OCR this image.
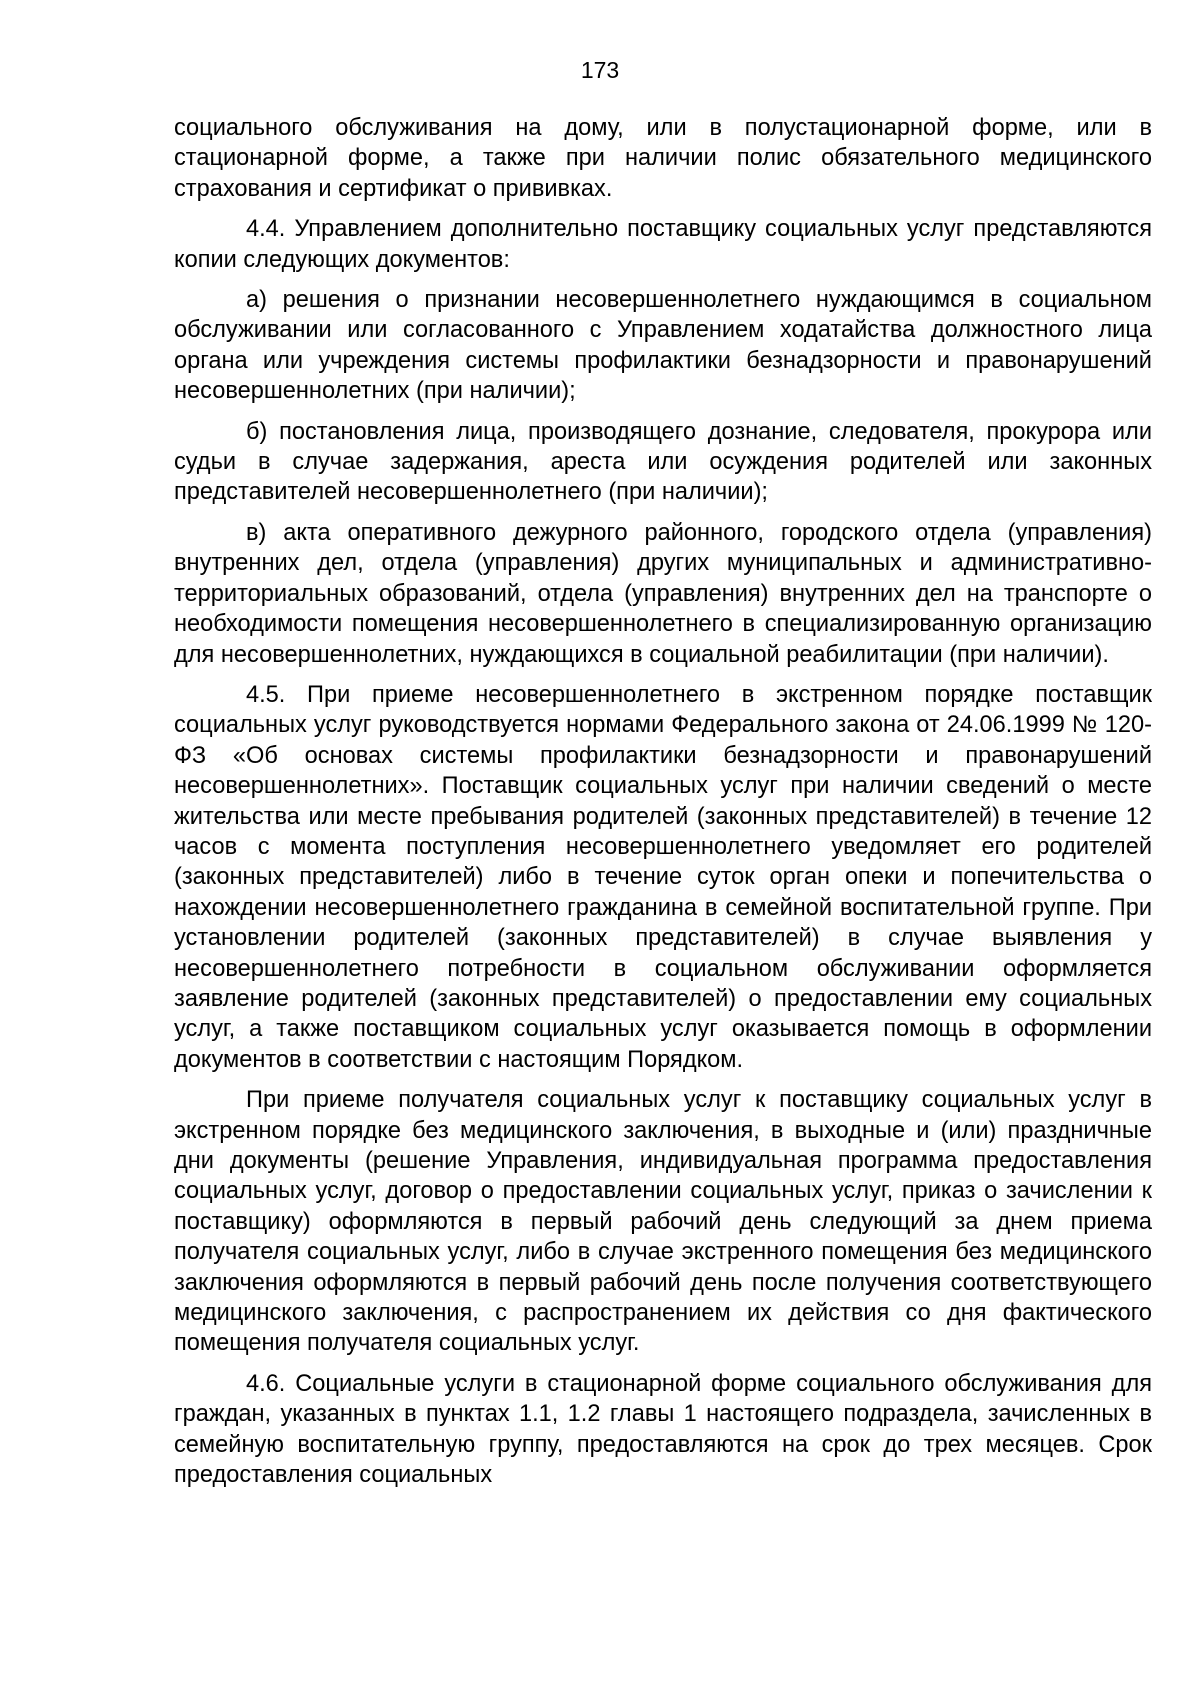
173

социального обслуживания на дому, или в полустационарной форме, или в стационарной форме, а также при наличии полис обязательного медицинского страхования и сертификат о прививках.

4.4. Управлением дополнительно поставщику социальных услуг представляются копии следующих документов:

а) решения о признании несовершеннолетнего нуждающимся в социальном обслуживании или согласованного с Управлением ходатайства должностного лица органа или учреждения системы профилактики безнадзорности и правонарушений несовершеннолетних (при наличии);

б) постановления лица, производящего дознание, следователя, прокурора или судьи в случае задержания, ареста или осуждения родителей или законных представителей несовершеннолетнего (при наличии);

в) акта оперативного дежурного районного, городского отдела (управления) внутренних дел, отдела (управления) других муниципальных и административно-территориальных образований, отдела (управления) внутренних дел на транспорте о необходимости помещения несовершеннолетнего в специализированную организацию для несовершеннолетних, нуждающихся в социальной реабилитации (при наличии).

4.5. При приеме несовершеннолетнего в экстренном порядке поставщик социальных услуг руководствуется нормами Федерального закона от 24.06.1999 № 120-ФЗ «Об основах системы профилактики безнадзорности и правонарушений несовершеннолетних». Поставщик социальных услуг при наличии сведений о месте жительства или месте пребывания родителей (законных представителей) в течение 12 часов с момента поступления несовершеннолетнего уведомляет его родителей (законных представителей) либо в течение суток орган опеки и попечительства о нахождении несовершеннолетнего гражданина в семейной воспитательной группе. При установлении родителей (законных представителей) в случае выявления у несовершеннолетнего потребности в социальном обслуживании оформляется заявление родителей (законных представителей) о предоставлении ему социальных услуг, а также поставщиком социальных услуг оказывается помощь в оформлении документов в соответствии с настоящим Порядком.

При приеме получателя социальных услуг к поставщику социальных услуг в экстренном порядке без медицинского заключения, в выходные и (или) праздничные дни документы (решение Управления, индивидуальная программа предоставления социальных услуг, договор о предоставлении социальных услуг, приказ о зачислении к поставщику) оформляются в первый рабочий день следующий за днем приема получателя социальных услуг, либо в случае экстренного помещения без медицинского заключения оформляются в первый рабочий день после получения соответствующего медицинского заключения, с распространением их действия со дня фактического помещения получателя социальных услуг.

4.6. Социальные услуги в стационарной форме социального обслуживания для граждан, указанных в пунктах 1.1, 1.2 главы 1 настоящего подраздела, зачисленных в семейную воспитательную группу, предоставляются на срок до трех месяцев. Срок предоставления социальных
